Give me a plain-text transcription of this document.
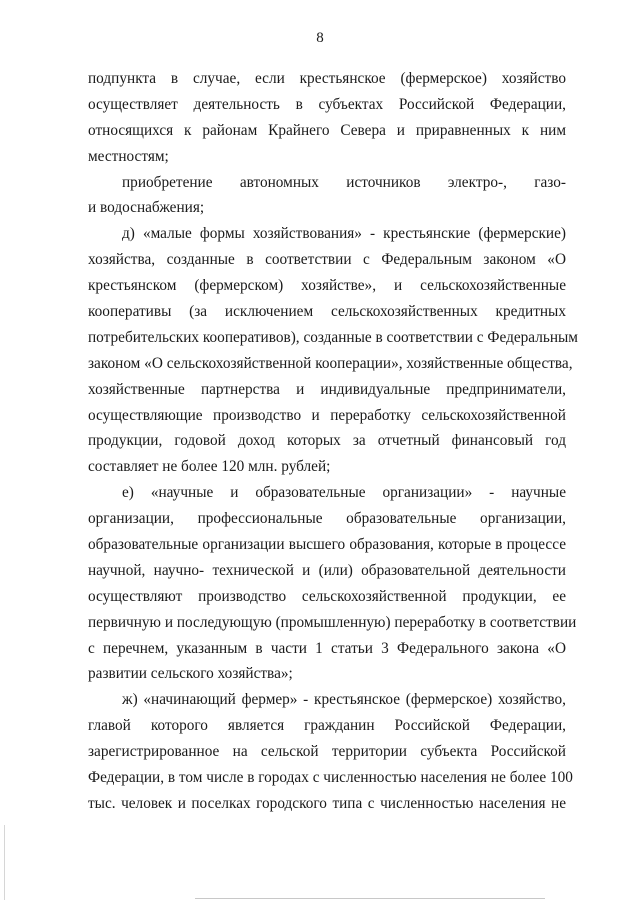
8
подпункта в случае, если крестьянское (фермерское) хозяйство
осуществляет деятельность в субъектах Российской Федерации,
относящихся к районам Крайнего Севера и приравненных к ним
местностям;
приобретение автономных источников электро-, газо-
и водоснабжения;
д) «малые формы хозяйствования» - крестьянские (фермерские)
хозяйства, созданные в соответствии с Федеральным законом «О
крестьянском (фермерском) хозяйстве», и сельскохозяйственные
кооперативы (за исключением сельскохозяйственных кредитных
потребительских кооперативов), созданные в соответствии с Федеральным
законом «О сельскохозяйственной кооперации», хозяйственные общества,
хозяйственные партнерства и индивидуальные предприниматели,
осуществляющие производство и переработку сельскохозяйственной
продукции, годовой доход которых за отчетный финансовый год
составляет не более 120 млн. рублей;
е) «научные и образовательные организации» - научные
организации, профессиональные образовательные организации,
образовательные организации высшего образования, которые в процессе
научной, научно- технической и (или) образовательной деятельности
осуществляют производство сельскохозяйственной продукции, ее
первичную и последующую (промышленную) переработку в соответствии
с перечнем, указанным в части 1 статьи 3 Федерального закона «О
развитии сельского хозяйства»;
ж) «начинающий фермер» - крестьянское (фермерское) хозяйство,
главой которого является гражданин Российской Федерации,
зарегистрированное на сельской территории субъекта Российской
Федерации, в том числе в городах с численностью населения не более 100
тыс. человек и поселках городского типа с численностью населения не
